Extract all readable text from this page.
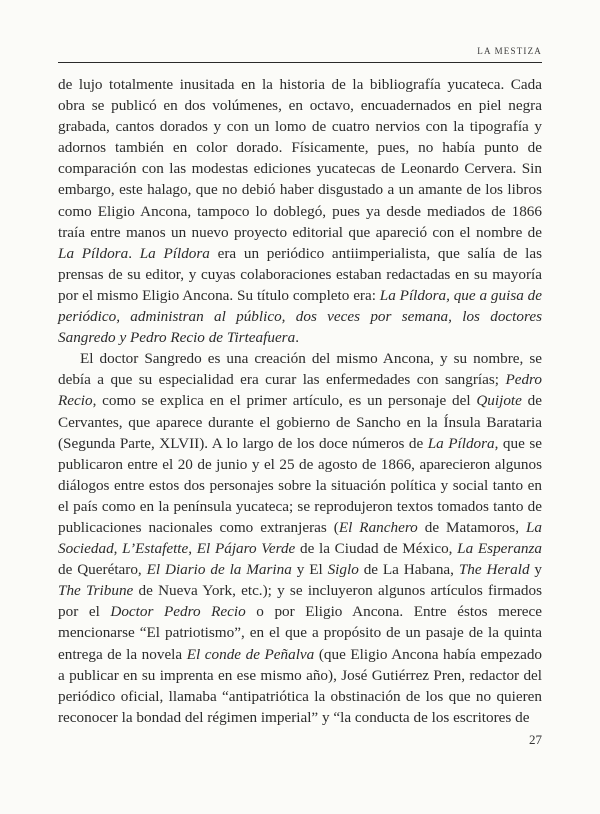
LA MESTIZA

de lujo totalmente inusitada en la historia de la bibliografía yucateca. Cada obra se publicó en dos volúmenes, en octavo, encuadernados en piel negra grabada, cantos dorados y con un lomo de cuatro nervios con la tipografía y adornos también en color dorado. Físicamente, pues, no había punto de comparación con las modestas ediciones yucatecas de Leonardo Cervera. Sin embargo, este halago, que no debió haber disgustado a un amante de los libros como Eligio Ancona, tampoco lo doblegó, pues ya desde mediados de 1866 traía entre manos un nuevo proyecto editorial que apareció con el nombre de La Píldora. La Píldora era un periódico antiimperialista, que salía de las prensas de su editor, y cuyas colaboraciones estaban redactadas en su mayoría por el mismo Eligio Ancona. Su título completo era: La Píldora, que a guisa de periódico, administran al público, dos veces por semana, los doctores Sangredo y Pedro Recio de Tirteafuera.

El doctor Sangredo es una creación del mismo Ancona, y su nombre, se debía a que su especialidad era curar las enfermedades con sangrías; Pedro Recio, como se explica en el primer artículo, es un personaje del Quijote de Cervantes, que aparece durante el gobierno de Sancho en la Ínsula Barataria (Segunda Parte, XLVII). A lo largo de los doce números de La Píldora, que se publicaron entre el 20 de junio y el 25 de agosto de 1866, aparecieron algunos diálogos entre estos dos personajes sobre la situación política y social tanto en el país como en la península yucateca; se reprodujeron textos tomados tanto de publicaciones nacionales como extranjeras (El Ranchero de Matamoros, La Sociedad, L’Estafette, El Pájaro Verde de la Ciudad de México, La Esperanza de Querétaro, El Diario de la Marina y El Siglo de La Habana, The Herald y The Tribune de Nueva York, etc.); y se incluyeron algunos artículos firmados por el Doctor Pedro Recio o por Eligio Ancona. Entre éstos merece mencionarse “El patriotismo”, en el que a propósito de un pasaje de la quinta entrega de la novela El conde de Peñalva (que Eligio Ancona había empezado a publicar en su imprenta en ese mismo año), José Gutiérrez Pren, redactor del periódico oficial, llamaba “antipatriótica la obstinación de los que no quieren reconocer la bondad del régimen imperial” y “la conducta de los escritores de

27
